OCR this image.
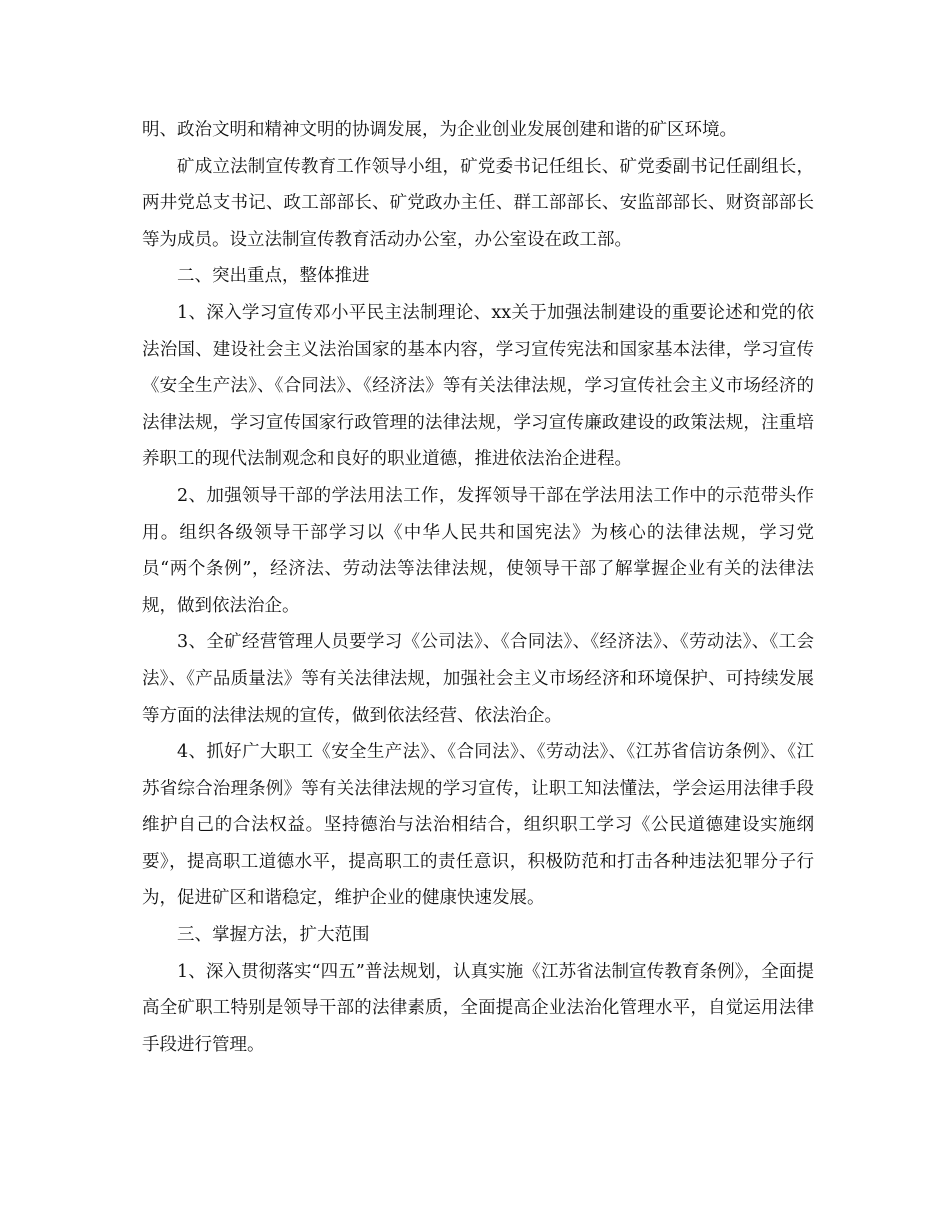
明、政治文明和精神文明的协调发展，为企业创业发展创建和谐的矿区环境。

矿成立法制宣传教育工作领导小组，矿党委书记任组长、矿党委副书记任副组长，两井党总支书记、政工部部长、矿党政办主任、群工部部长、安监部部长、财资部部长等为成员。设立法制宣传教育活动办公室，办公室设在政工部。

二、突出重点，整体推进

1、深入学习宣传邓小平民主法制理论、xx关于加强法制建设的重要论述和党的依法治国、建设社会主义法治国家的基本内容，学习宣传宪法和国家基本法律，学习宣传《安全生产法》、《合同法》、《经济法》等有关法律法规，学习宣传社会主义市场经济的法律法规，学习宣传国家行政管理的法律法规，学习宣传廉政建设的政策法规，注重培养职工的现代法制观念和良好的职业道德，推进依法治企进程。

2、加强领导干部的学法用法工作，发挥领导干部在学法用法工作中的示范带头作用。组织各级领导干部学习以《中华人民共和国宪法》为核心的法律法规，学习党员“两个条例”，经济法、劳动法等法律法规，使领导干部了解掌握企业有关的法律法规，做到依法治企。

3、全矿经营管理人员要学习《公司法》、《合同法》、《经济法》、《劳动法》、《工会法》、《产品质量法》等有关法律法规，加强社会主义市场经济和环境保护、可持续发展等方面的法律法规的宣传，做到依法经营、依法治企。

4、抓好广大职工《安全生产法》、《合同法》、《劳动法》、《江苏省信访条例》、《江苏省综合治理条例》等有关法律法规的学习宣传，让职工知法懂法，学会运用法律手段维护自己的合法权益。坚持德治与法治相结合，组织职工学习《公民道德建设实施纲要》，提高职工道德水平，提高职工的责任意识，积极防范和打击各种违法犯罪分子行为，促进矿区和谐稳定，维护企业的健康快速发展。

三、掌握方法，扩大范围

1、深入贯彻落实“四五”普法规划，认真实施《江苏省法制宣传教育条例》，全面提高全矿职工特别是领导干部的法律素质，全面提高企业法治化管理水平，自觉运用法律手段进行管理。
